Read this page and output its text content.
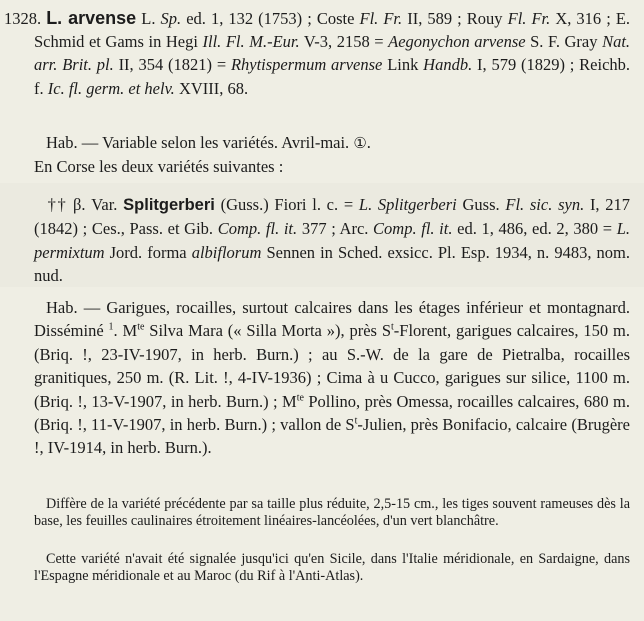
1328. L. arvense L. Sp. ed. 1, 132 (1753) ; Coste Fl. Fr. II, 589 ; Rouy Fl. Fr. X, 316 ; E. Schmid et Gams in Hegi Ill. Fl. M.-Eur. V-3, 2158 = Aegonychon arvense S. F. Gray Nat. arr. Brit. pl. II, 354 (1821) = Rhytispermum arvense Link Handb. I, 579 (1829) ; Reichb. f. Ic. fl. germ. et helv. XVIII, 68.

Hab. — Variable selon les variétés. Avril-mai. ①.
En Corse les deux variétés suivantes :

†† β. Var. Splitgerberi (Guss.) Fiori l. c. = L. Splitgerberi Guss. Fl. sic. syn. I, 217 (1842) ; Ces., Pass. et Gib. Comp. fl. it. 377 ; Arc. Comp. fl. it. ed. 1, 486, ed. 2, 380 = L. permixtum Jord. forma albiflorum Sennen in Sched. exsicc. Pl. Esp. 1934, n. 9483, nom. nud.

Hab. — Garigues, rocailles, surtout calcaires dans les étages inférieur et montagnard. Disséminé $^1$. $M^{te}$ Silva Mara (« Silla Morta »), près $S^t$-Florent, garigues calcaires, 150 m. (Briq. !, 23-IV-1907, in herb. Burn.) ; au S.-W. de la gare de Pietralba, rocailles granitiques, 250 m. (R. Lit. !, 4-IV-1936) ; Cima à u Cucco, garigues sur silice, 1100 m. (Briq. !, 13-V-1907, in herb. Burn.) ; $M^{te}$ Pollino, près Omessa, rocailles calcaires, 680 m. (Briq. !, 11-V-1907, in herb. Burn.) ; vallon de $S^t$-Julien, près Bonifacio, calcaire (Brugère !, IV-1914, in herb. Burn.).

Diffère de la variété précédente par sa taille plus réduite, 2,5-15 cm., les tiges souvent rameuses dès la base, les feuilles caulinaires étroitement linéaires-lancéolées, d'un vert blanchâtre.

Cette variété n'avait été signalée jusqu'ici qu'en Sicile, dans l'Italie méridionale, en Sardaigne, dans l'Espagne méridionale et au Maroc (du Rif à l'Anti-Atlas).
